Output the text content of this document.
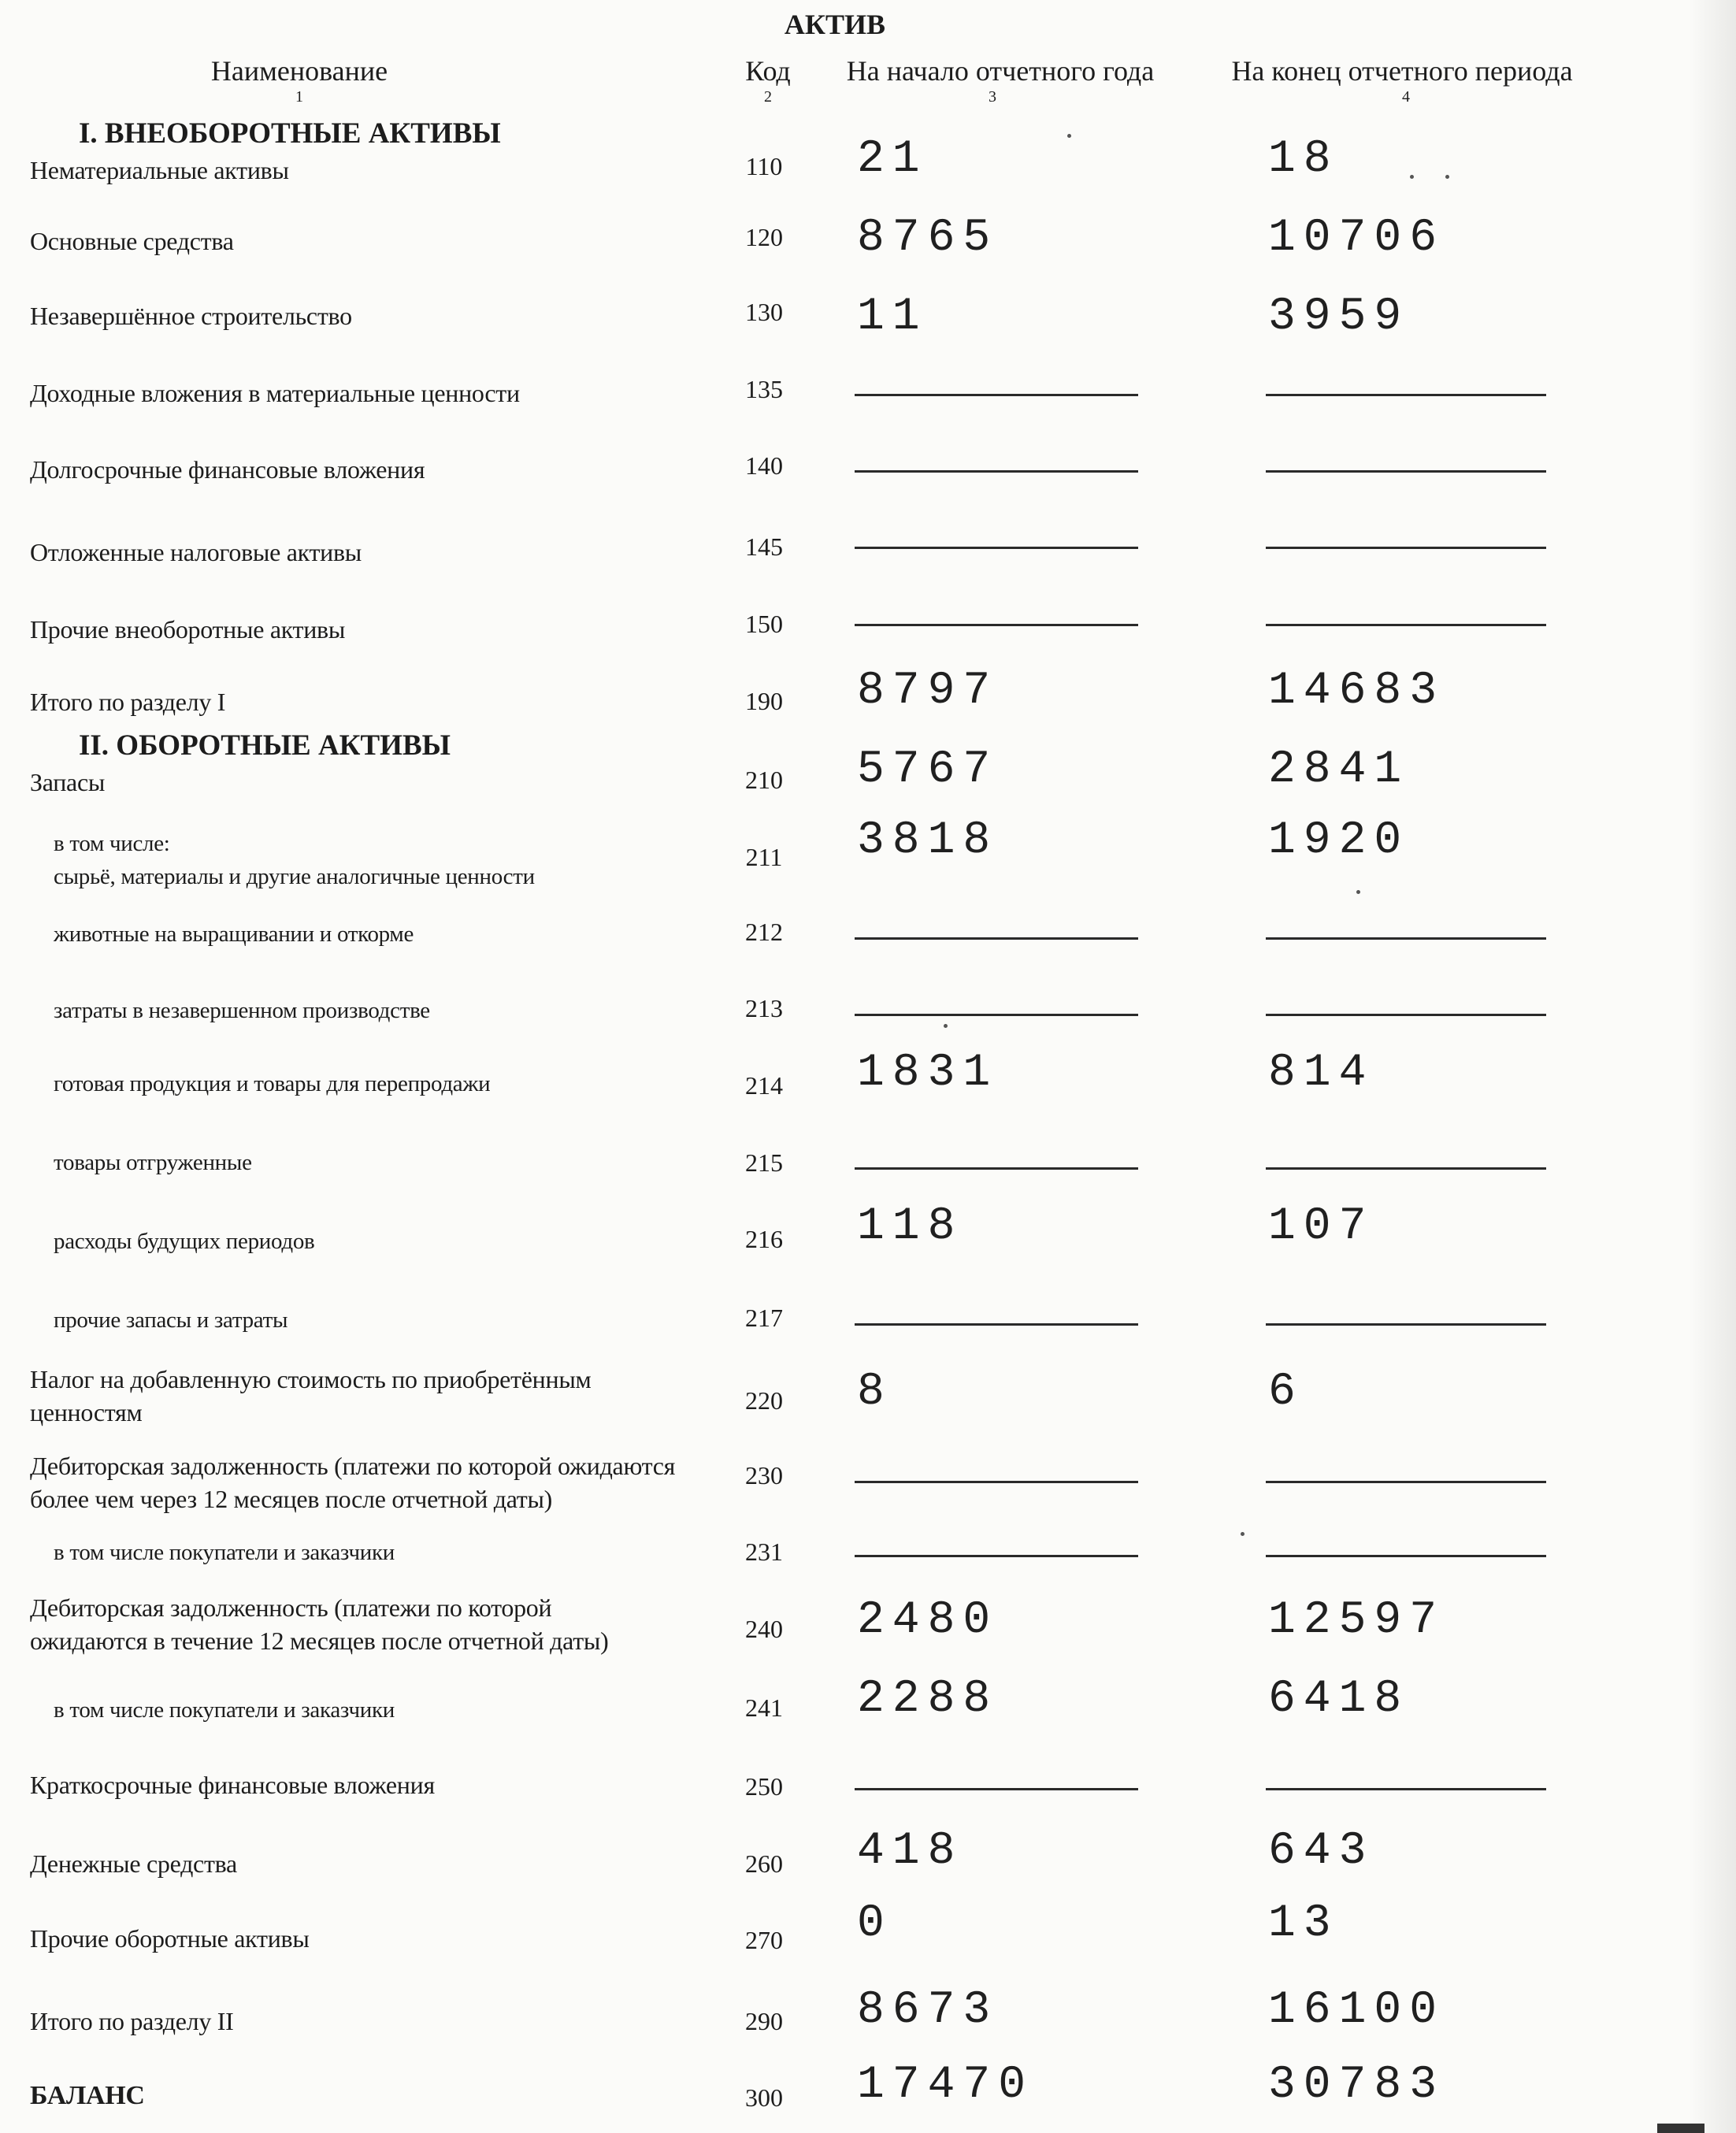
АКТИВ
Наименование	Код	На начало отчетного года	На конец отчетного периода
1	2	3	4
I. ВНЕОБОРОТНЫЕ АКТИВЫ
II. ОБОРОТНЫЕ АКТИВЫ
Нематериальные активы	110	21	18
Основные средства	120	8765	10706
Незавершённое строительство	130	11	3959
Доходные вложения в материальные ценности	135
Долгосрочные финансовые вложения	140
Отложенные налоговые активы	145
Прочие внеоборотные активы	150
Итого по разделу I	190	8797	14683
Запасы	210	5767	2841
в том числе:
сырьё, материалы и другие аналогичные ценности
211	3818	1920
животные на выращивании и откорме	212
затраты в незавершенном производстве	213
готовая продукция и товары для перепродажи	214	1831	814
товары отгруженные	215
расходы будущих периодов	216	118	107
прочие запасы и затраты	217
Налог на добавленную стоимость по приобретённым
ценностям	220	8	6
Дебиторская задолженность (платежи по которой ожидаются
более чем через 12 месяцев после отчетной даты)
230
в том числе покупатели и заказчики	231
Дебиторская задолженность (платежи по которой
ожидаются в течение 12 месяцев после отчетной даты)	240	2480	12597
в том числе покупатели и заказчики	241	2288	6418
Краткосрочные финансовые вложения	250
Денежные средства	260	418	643
Прочие оборотные активы	270	0	13
Итого по разделу II	290	8673	16100
БАЛАНС	300	17470	30783
